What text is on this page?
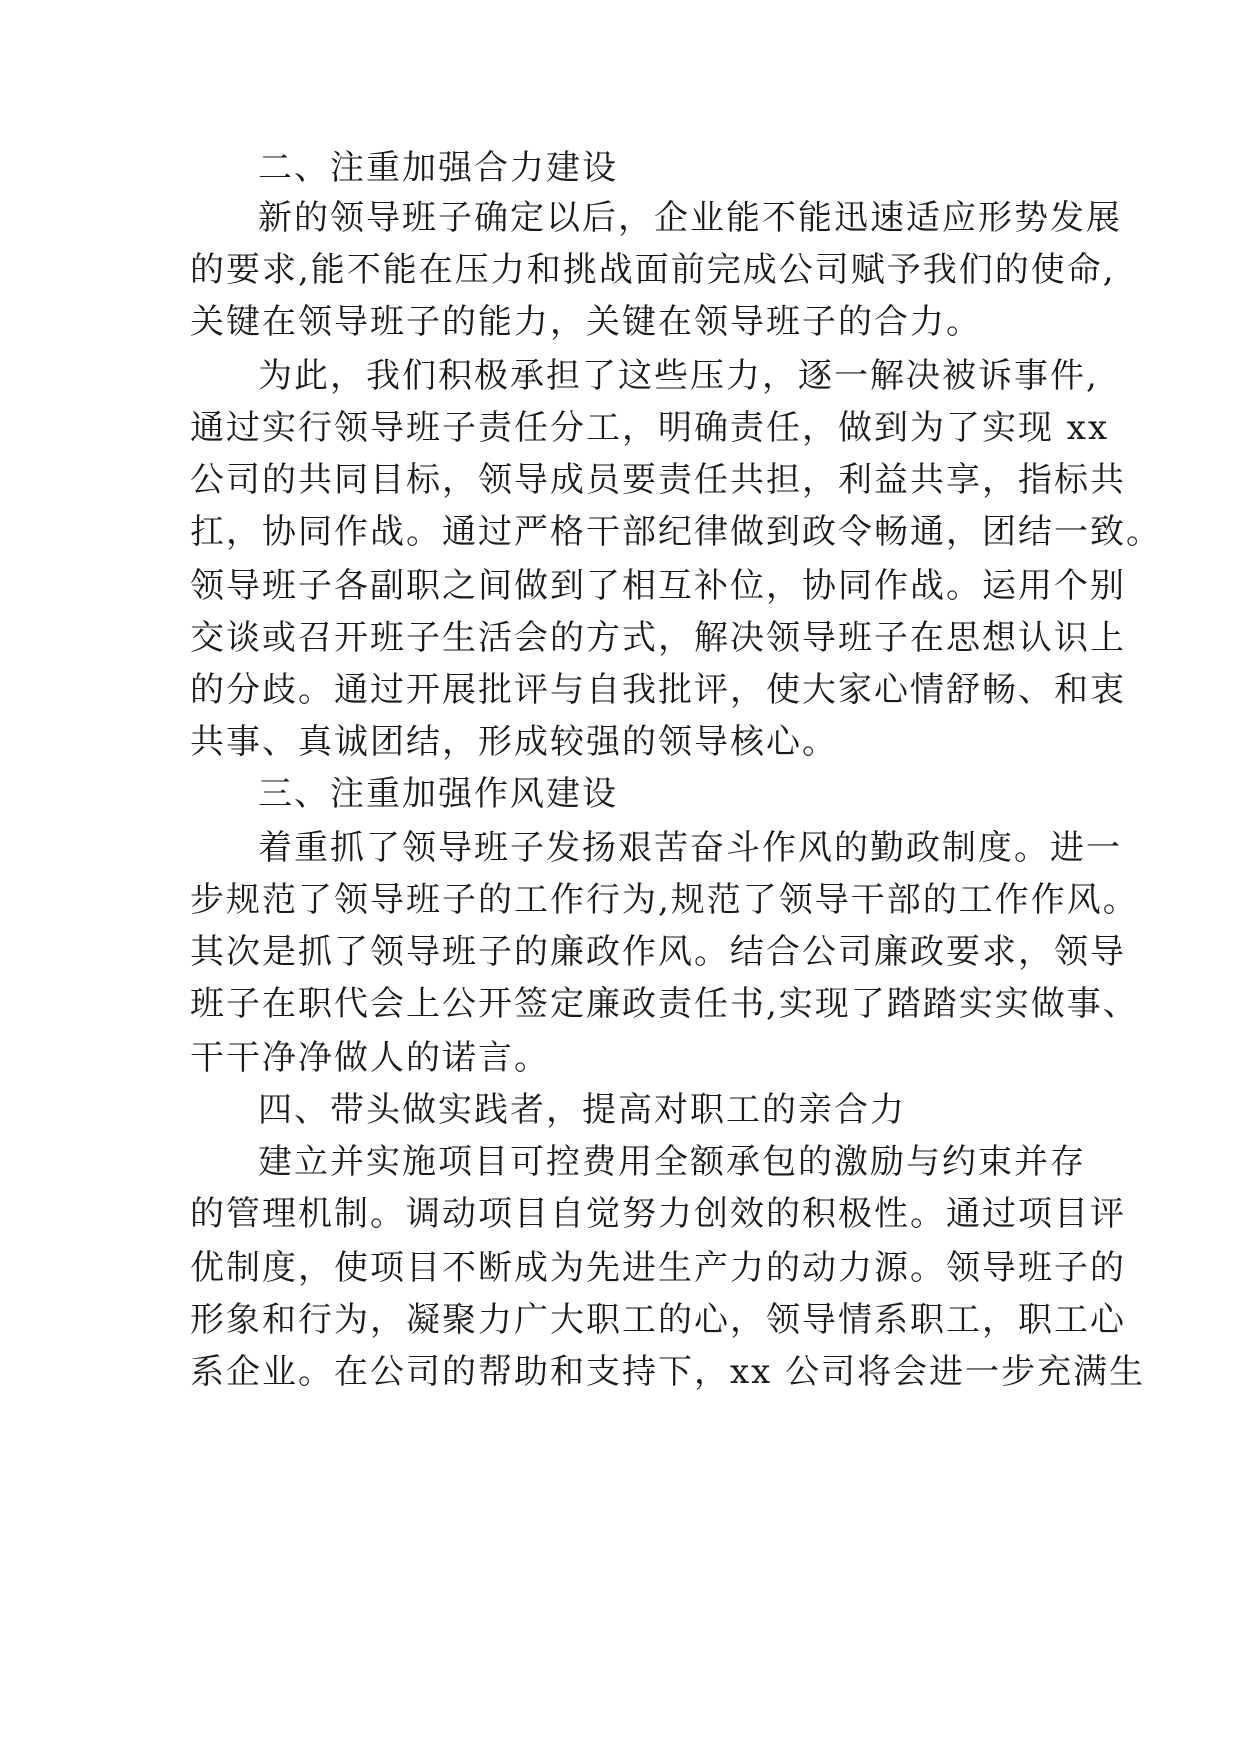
二、注重加强合力建设
新的领导班子确定以后，企业能不能迅速适应形势发展
的要求,能不能在压力和挑战面前完成公司赋予我们的使命,
关键在领导班子的能力，关键在领导班子的合力。
为此，我们积极承担了这些压力，逐一解决被诉事件,
通过实行领导班子责任分工，明确责任，做到为了实现 xx
公司的共同目标，领导成员要责任共担，利益共享，指标共
扛，协同作战。通过严格干部纪律做到政令畅通，团结一致。
领导班子各副职之间做到了相互补位，协同作战。运用个别
交谈或召开班子生活会的方式，解决领导班子在思想认识上
的分歧。通过开展批评与自我批评，使大家心情舒畅、和衷
共事、真诚团结，形成较强的领导核心。
三、注重加强作风建设
着重抓了领导班子发扬艰苦奋斗作风的勤政制度。进一
步规范了领导班子的工作行为,规范了领导干部的工作作风。
其次是抓了领导班子的廉政作风。结合公司廉政要求，领导
班子在职代会上公开签定廉政责任书,实现了踏踏实实做事、
干干净净做人的诺言。
四、带头做实践者，提高对职工的亲合力
建立并实施项目可控费用全额承包的激励与约束并存
的管理机制。调动项目自觉努力创效的积极性。通过项目评
优制度，使项目不断成为先进生产力的动力源。领导班子的
形象和行为，凝聚力广大职工的心，领导情系职工，职工心
系企业。在公司的帮助和支持下，xx 公司将会进一步充满生
